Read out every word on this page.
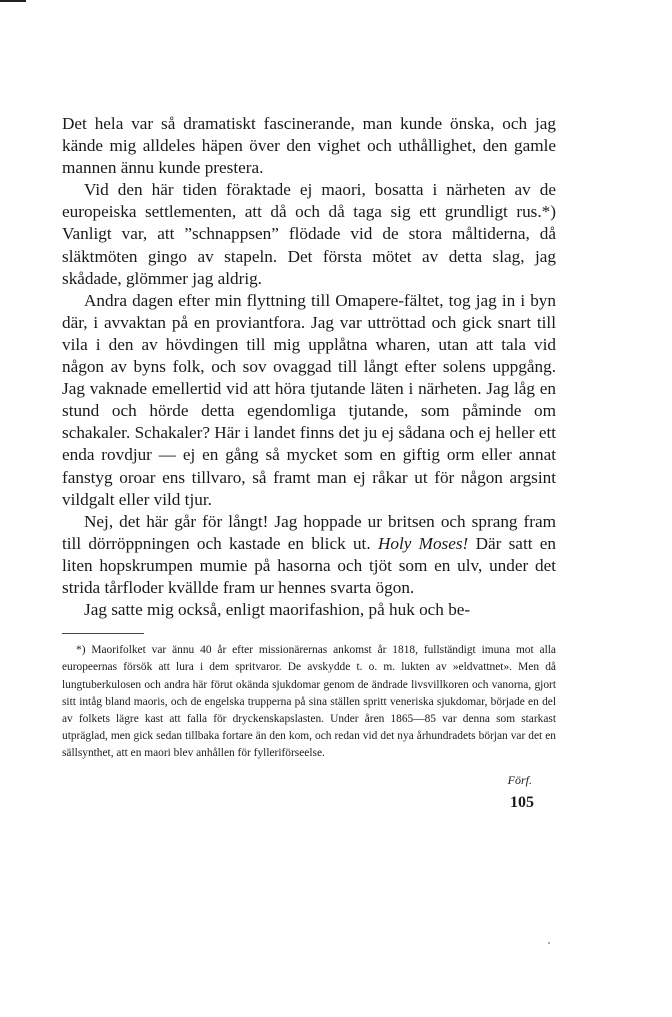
Det hela var så dramatiskt fascinerande, man kunde önska, och jag kände mig alldeles häpen över den vighet och uthållighet, den gamle mannen ännu kunde prestera.

Vid den här tiden föraktade ej maori, bosatta i närheten av de europeiska settlementen, att då och då taga sig ett grundligt rus.*) Vanligt var, att ”schnappsen” flödade vid de stora måltiderna, då släktmöten gingo av stapeln. Det första mötet av detta slag, jag skådade, glömmer jag aldrig.

Andra dagen efter min flyttning till Omapere-fältet, tog jag in i byn där, i avvaktan på en proviantfora. Jag var uttröttad och gick snart till vila i den av hövdingen till mig upplåtna wharen, utan att tala vid någon av byns folk, och sov ovaggad till långt efter solens uppgång. Jag vaknade emellertid vid att höra tjutande läten i närheten. Jag låg en stund och hörde detta egendomliga tjutande, som påminde om schakaler. Schakaler? Här i landet finns det ju ej sådana och ej heller ett enda rovdjur — ej en gång så mycket som en giftig orm eller annat fanstyg oroar ens tillvaro, så framt man ej råkar ut för någon argsint vildgalt eller vild tjur.

Nej, det här går för långt! Jag hoppade ur britsen och sprang fram till dörröppningen och kastade en blick ut. Holy Moses! Där satt en liten hopskrumpen mumie på hasorna och tjöt som en ulv, under det strida tårfloder kvällde fram ur hennes svarta ögon.

Jag satte mig också, enligt maorifashion, på huk och be-

*) Maorifolket var ännu 40 år efter missionärernas ankomst år 1818, fullständigt imuna mot alla europeernas försök att lura i dem spritvaror. De avskydde t. o. m. lukten av »eldvattnet». Men då lungtuberkulosen och andra här förut okända sjukdomar genom de ändrade livsvillkoren och vanorna, gjort sitt intåg bland maoris, och de engelska trupperna på sina ställen spritt veneriska sjukdomar, började en del av folkets lägre kast att falla för dryckenskapslasten. Under åren 1865—85 var denna som starkast utpräglad, men gick sedan tillbaka fortare än den kom, och redan vid det nya århundradets början var det en sällsynthet, att en maori blev anhållen för fylleriförseelse.

Förf.
105
